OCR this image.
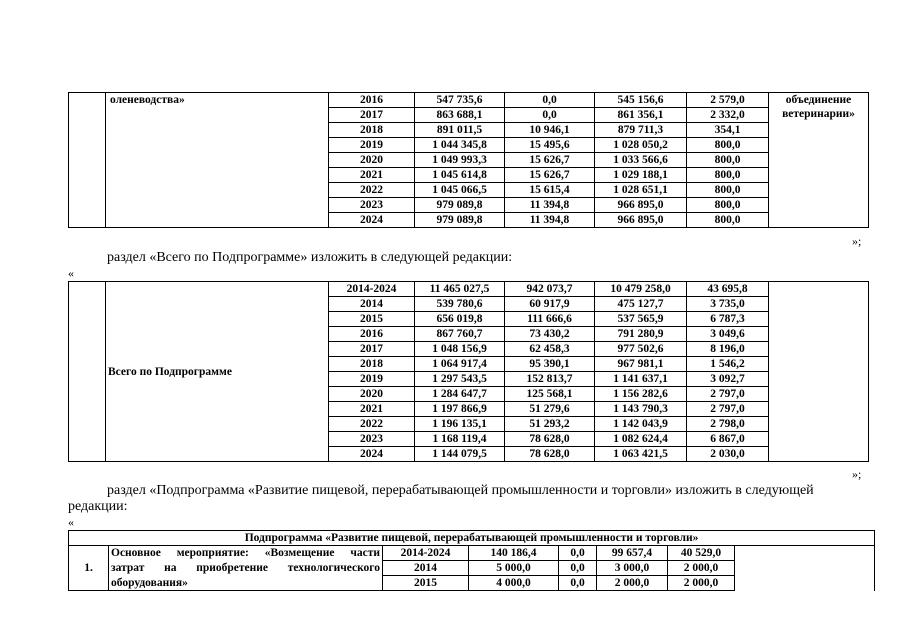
	оленеводства»	2016	547 735,6	0,0	545 156,6	2 579,0	объединение
ветеринарии»

		2017	863 688,1	0,0	861 356,1	2 332,0	
		2018	891 011,5	10 946,1	879 711,3	354,1	
		2019	1 044 345,8	15 495,6	1 028 050,2	800,0	
		2020	1 049 993,3	15 626,7	1 033 566,6	800,0	
		2021	1 045 614,8	15 626,7	1 029 188,1	800,0	
		2022	1 045 066,5	15 615,4	1 028 651,1	800,0	
		2023	979 089,8	11 394,8	966 895,0	800,0	
		2024	979 089,8	11 394,8	966 895,0	800,0	
»;
раздел «Всего по Подпрограмме» изложить в следующей редакции:
«
	Всего по Подпрограмме	2014-2024	11 465 027,5	942 073,7	10 479 258,0	43 695,8	
		2014	539 780,6	60 917,9	475 127,7	3 735,0	
		2015	656 019,8	111 666,6	537 565,9	6 787,3	
		2016	867 760,7	73 430,2	791 280,9	3 049,6	
		2017	1 048 156,9	62 458,3	977 502,6	8 196,0	
		2018	1 064 917,4	95 390,1	967 981,1	1 546,2	
		2019	1 297 543,5	152 813,7	1 141 637,1	3 092,7	
		2020	1 284 647,7	125 568,1	1 156 282,6	2 797,0	
		2021	1 197 866,9	51 279,6	1 143 790,3	2 797,0	
		2022	1 196 135,1	51 293,2	1 142 043,9	2 798,0	
		2023	1 168 119,4	78 628,0	1 082 624,4	6 867,0	
		2024	1 144 079,5	78 628,0	1 063 421,5	2 030,0	
»;
раздел «Подпрограмма «Развитие пищевой, перерабатывающей промышленности и торговли» изложить в следующей
редакции:
«
Подпрограмма «Развитие пищевой, перерабатывающей промышленности и торговли»							
1.	Основное мероприятие: «Возмещение части	2014-2024	140 186,4	0,0	99 657,4	40 529,0	
	затрат на приобретение технологического	2014	5 000,0	0,0	3 000,0	2 000,0	
	оборудования»	2015	4 000,0	0,0	2 000,0	2 000,0	
